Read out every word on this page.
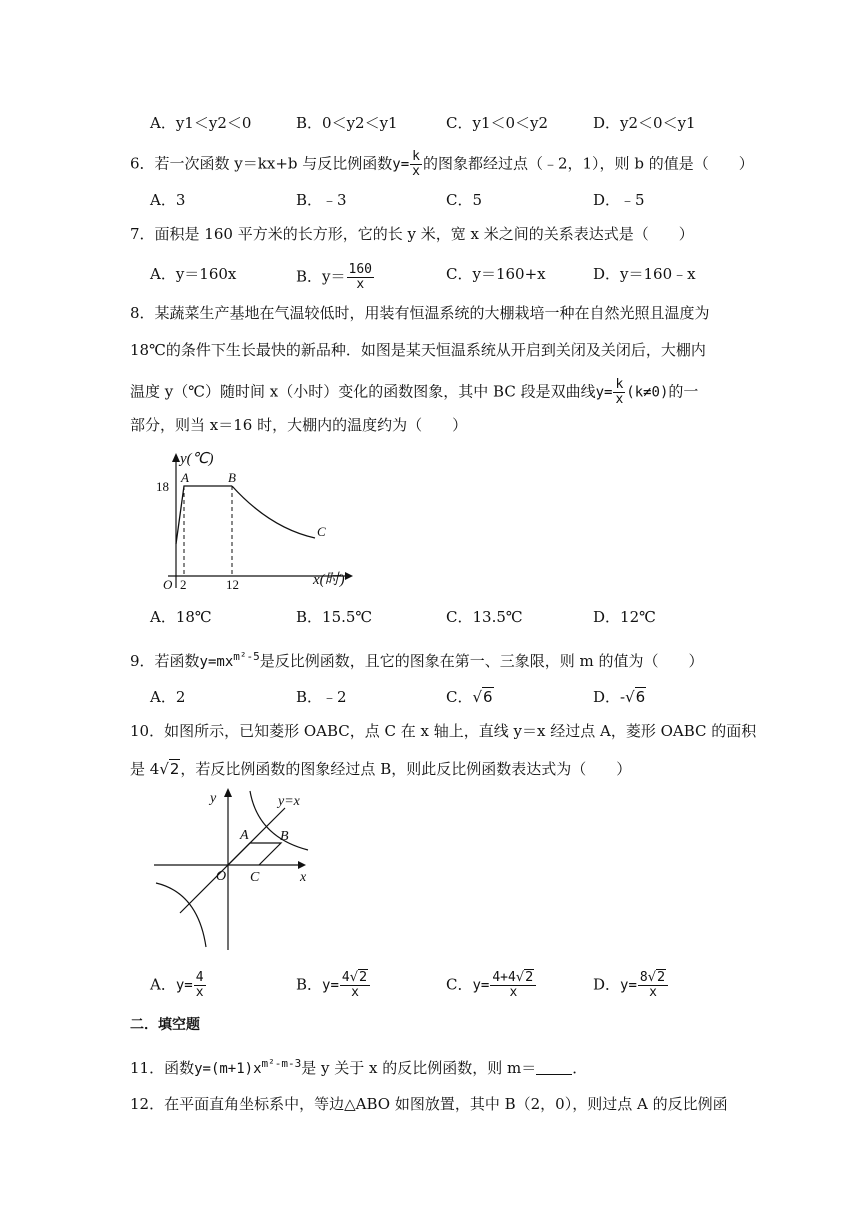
A．y1＜y2＜0	B．0＜y2＜y1	C．y1＜0＜y2	D．y2＜0＜y1
6．若一次函数 y＝kx+b 与反比例函数$y= \frac{k}{x}$ 的图象都经过点（﹣2，1），则 b 的值是（　　）
A．3	B．﹣3	C．5	D．﹣5
7．面积是 160 平方米的长方形，它的长 y 米，宽 x 米之间的关系表达式是（　　）
A．y＝160x	B．$y= \frac{160}{x}$	C．y＝160+x	D．y＝160﹣x
8．某蔬菜生产基地在气温较低时，用装有恒温系统的大棚栽培一种在自然光照且温度为
18℃的条件下生长最快的新品种．如图是某天恒温系统从开启到关闭及关闭后，大棚内
温度 y（℃）随时间 x（小时）变化的函数图象，其中 BC 段是双曲线$y= \frac{k}{x} (k\ne 0)$的一
部分，则当 x＝16 时，大棚内的温度约为（　　）
y(℃)
x(时)
18
2	12
O
A	B
C
A．18℃	B．15.5℃	C．13.5℃	D．12℃
9．若函数$y=mx^{m^2-5}$是反比例函数，且它的图象在第一、三象限，则 m 的值为（　　）
A．2	B．﹣2	C．√6	D．-√6
10．如图所示，已知菱形 OABC，点 C 在 x 轴上，直线 y＝x 经过点 A，菱形 OABC 的面积
是 4√2，若反比例函数的图象经过点 B，则此反比例函数表达式为（　　）
y
x
y=x
O
A B
C
A．$y= \frac{4}{x}$	B．$y= \frac{4√2}{x}$	C．$y= \frac{4+4√2}{x}$	D．$y= \frac{8√2}{x}$
二．填空题
11．函数$y=(m+1)x^{m^2-m-3}$是 y 关于 x 的反比例函数，则 m＝ ．
12．在平面直角坐标系中，等边△ABO 如图放置，其中 B（2，0），则过点 A 的反比例函
